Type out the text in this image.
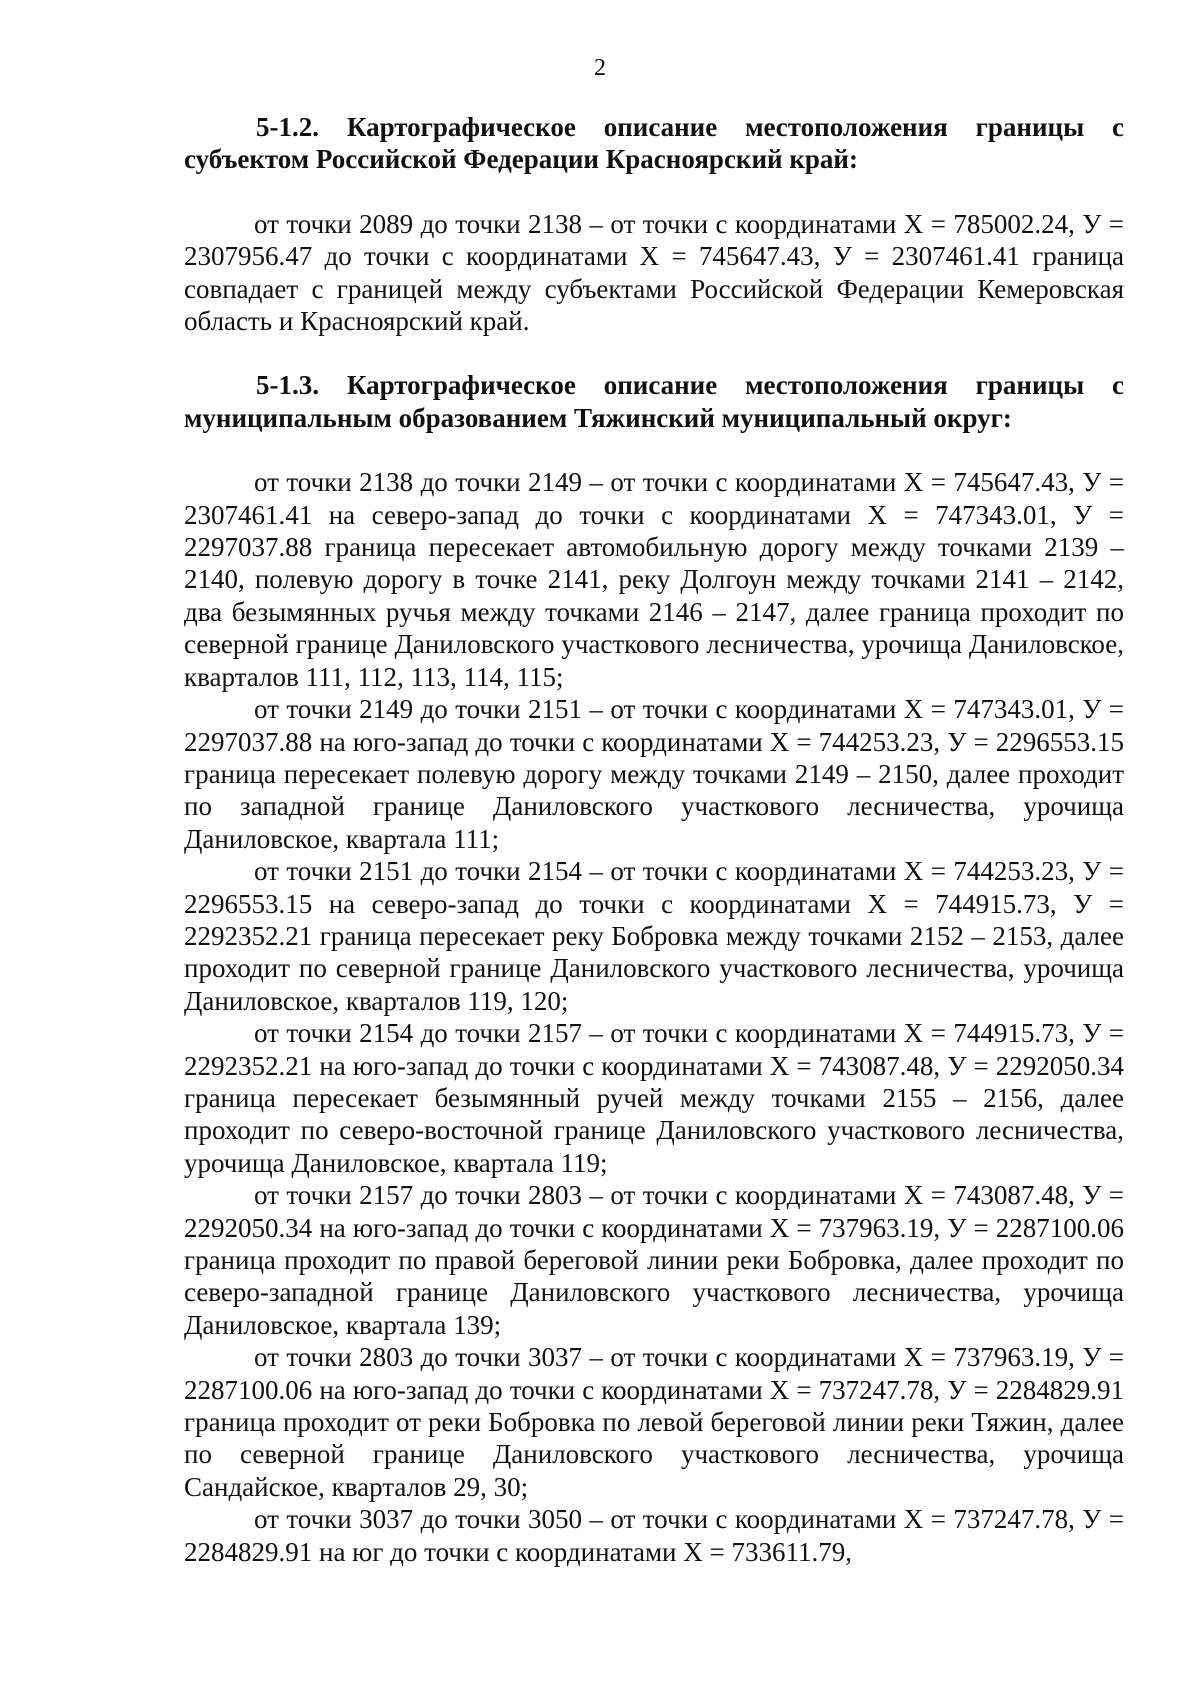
2

5-1.2. Картографическое описание местоположения границы с субъектом Российской Федерации Красноярский край:

от точки 2089 до точки 2138 – от точки с координатами Х = 785002.24, У = 2307956.47 до точки с координатами Х = 745647.43, У = 2307461.41 граница совпадает с границей между субъектами Российской Федерации Кемеровская область и Красноярский край.

5-1.3. Картографическое описание местоположения границы с муниципальным образованием Тяжинский муниципальный округ:

от точки 2138 до точки 2149 – от точки с координатами Х = 745647.43, У = 2307461.41 на северо-запад до точки с координатами Х = 747343.01, У = 2297037.88 граница пересекает автомобильную дорогу между точками 2139 – 2140, полевую дорогу в точке 2141, реку Долгоун между точками 2141 – 2142, два безымянных ручья между точками 2146 – 2147, далее граница проходит по северной границе Даниловского участкового лесничества, урочища Даниловское, кварталов 111, 112, 113, 114, 115;

от точки 2149 до точки 2151 – от точки с координатами Х = 747343.01, У = 2297037.88 на юго-запад до точки с координатами Х = 744253.23, У = 2296553.15 граница пересекает полевую дорогу между точками 2149 – 2150, далее проходит по западной границе Даниловского участкового лесничества, урочища Даниловское, квартала 111;

от точки 2151 до точки 2154 – от точки с координатами Х = 744253.23, У = 2296553.15 на северо-запад до точки с координатами Х = 744915.73, У = 2292352.21 граница пересекает реку Бобровка между точками 2152 – 2153, далее проходит по северной границе Даниловского участкового лесничества, урочища Даниловское, кварталов 119, 120;

от точки 2154 до точки 2157 – от точки с координатами Х = 744915.73, У = 2292352.21 на юго-запад до точки с координатами Х = 743087.48, У = 2292050.34 граница пересекает безымянный ручей между точками 2155 – 2156, далее проходит по северо-восточной границе Даниловского участкового лесничества, урочища Даниловское, квартала 119;

от точки 2157 до точки 2803 – от точки с координатами Х = 743087.48, У = 2292050.34 на юго-запад до точки с координатами Х = 737963.19, У = 2287100.06 граница проходит по правой береговой линии реки Бобровка, далее проходит по северо-западной границе Даниловского участкового лесничества, урочища Даниловское, квартала 139;

от точки 2803 до точки 3037 – от точки с координатами Х = 737963.19, У = 2287100.06 на юго-запад до точки с координатами Х = 737247.78, У = 2284829.91 граница проходит от реки Бобровка по левой береговой линии реки Тяжин, далее по северной границе Даниловского участкового лесничества, урочища Сандайское, кварталов 29, 30;

от точки 3037 до точки 3050 – от точки с координатами Х = 737247.78, У = 2284829.91 на юг до точки с координатами Х = 733611.79,
